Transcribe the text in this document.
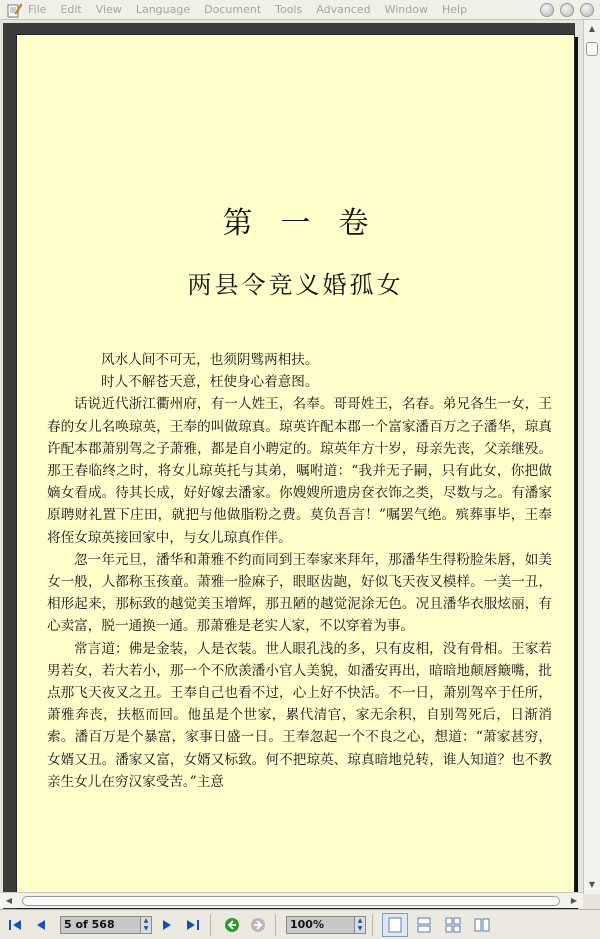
File Edit View Language Document Tools Advanced Window Help
第一卷
两县令竞义婚孤女

风水人间不可无，也须阴骘两相扶。

时人不解苍天意，枉使身心着意图。

话说近代浙江衢州府，有一人姓王，名奉。哥哥姓王，名春。弟兄各生一女，王春的女儿名唤琼英，王奉的叫做琼真。琼英许配本郡一个富家潘百万之子潘华，琼真许配本郡萧别驾之子萧雅，都是自小聘定的。琼英年方十岁，母亲先丧，父亲继殁。那王春临终之时，将女儿琼英托与其弟，嘱咐道：“我并无子嗣，只有此女，你把做嫡女看成。待其长成，好好嫁去潘家。你嫂嫂所遗房奁衣饰之类，尽数与之。有潘家原聘财礼置下庄田，就把与他做脂粉之费。莫负吾言！”嘱罢气绝。殡葬事毕，王奉将侄女琼英接回家中，与女儿琼真作伴。

忽一年元旦，潘华和萧雅不约而同到王奉家来拜年，那潘华生得粉脸朱唇，如美女一般，人都称玉孩童。萧雅一脸麻子，眼眍齿龅，好似飞天夜叉模样。一美一丑，相形起来，那标致的越觉美玉增辉，那丑陋的越觉泥涂无色。况且潘华衣服炫丽，有心卖富，脱一通换一通。那萧雅是老实人家，不以穿着为事。

常言道：佛是金装，人是衣装。世人眼孔浅的多，只有皮相，没有骨相。王家若男若女，若大若小，那一个不欣羡潘小官人美貌，如潘安再出，暗暗地颠唇簸嘴，批点那飞天夜叉之丑。王奉自己也看不过，心上好不快活。不一日，萧别驾卒于任所，萧雅奔丧，扶柩而回。他虽是个世家，累代清官，家无余积，自别驾死后，日渐消索。潘百万是个暴富，家事日盛一日。王奉忽起一个不良之心，想道：“萧家甚穷，女婿又丑。潘家又富，女婿又标致。何不把琼英、琼真暗地兑转，谁人知道？也不教亲生女儿在穷汉家受苦。”主意

▲
▼
◀	▶
5 of 568	▲
▼	100%	▲
▼
